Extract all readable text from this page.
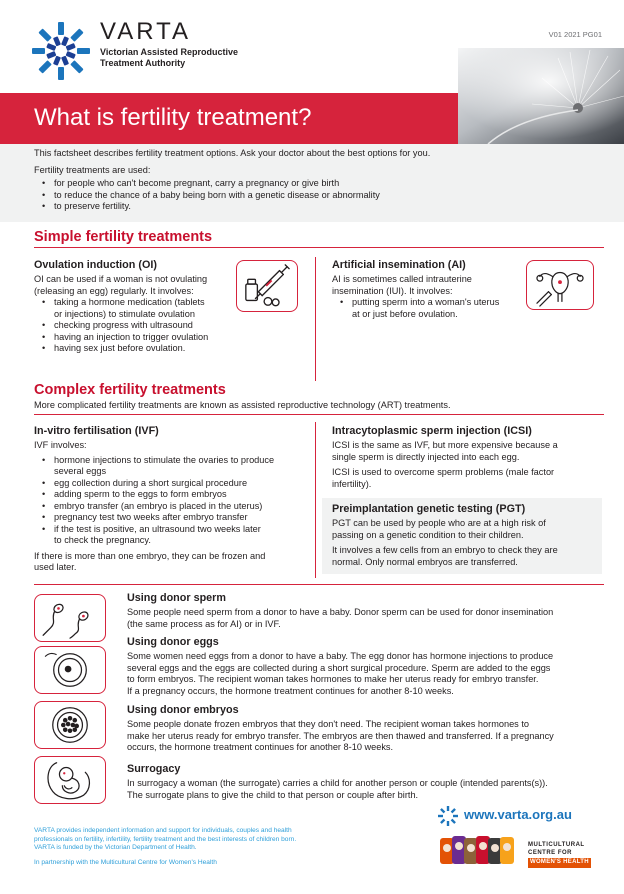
VARTA
Victorian Assisted Reproductive
Treatment Authority
V01 2021 PG01
What is fertility treatment?

This factsheet describes fertility treatment options. Ask your doctor about the best options for you.

Fertility treatments are used:

• for people who can't become pregnant, carry a pregnancy or give birth
• to reduce the chance of a baby being born with a genetic disease or abnormality
• to preserve fertility.
Simple fertility treatments
Ovulation induction (OI)
OI can be used if a woman is not ovulating
(releasing an egg) regularly. It involves:
• taking a hormone medication (tablets
or injections) to stimulate ovulation
• checking progress with ultrasound
• having an injection to trigger ovulation
• having sex just before ovulation.
Artificial insemination (AI)
AI is sometimes called intrauterine
insemination (IUI). It involves:
• putting sperm into a woman's uterus
at or just before ovulation.
Complex fertility treatments
More complicated fertility treatments are known as assisted reproductive technology (ART) treatments.
In-vitro fertilisation (IVF)
IVF involves:
• hormone injections to stimulate the ovaries to produce
several eggs
• egg collection during a short surgical procedure
• adding sperm to the eggs to form embryos
• embryo transfer (an embryo is placed in the uterus)
• pregnancy test two weeks after embryo transfer
• if the test is positive, an ultrasound two weeks later
to check the pregnancy.
If there is more than one embryo, they can be frozen and
used later.
Intracytoplasmic sperm injection (ICSI)
ICSI is the same as IVF, but more expensive because a
single sperm is directly injected into each egg.
ICSI is used to overcome sperm problems (male factor
infertility).
Preimplantation genetic testing (PGT)
PGT can be used by people who are at a high risk of
passing on a genetic condition to their children.
It involves a few cells from an embryo to check they are
normal. Only normal embryos are transferred.
Using donor sperm
Some people need sperm from a donor to have a baby. Donor sperm can be used for donor insemination
(the same process as for AI) or in IVF.
Using donor eggs
Some women need eggs from a donor to have a baby. The egg donor has hormone injections to produce
several eggs and the eggs are collected during a short surgical procedure. Sperm are added to the eggs
to form embryos. The recipient woman takes hormones to make her uterus ready for embryo transfer.
If a pregnancy occurs, the hormone treatment continues for another 8-10 weeks.
Using donor embryos
Some people donate frozen embryos that they don't need. The recipient woman takes hormones to
make her uterus ready for embryo transfer. The embryos are then thawed and transferred. If a pregnancy
occurs, the hormone treatment continues for another 8-10 weeks.
Surrogacy
In surrogacy a woman (the surrogate) carries a child for another person or couple (intended parents(s)).
The surrogate plans to give the child to that person or couple after birth.

VARTA provides independent information and support for individuals, couples and health
professionals on fertility, infertility, fertility treatment and the best interests of children born.
VARTA is funded by the Victorian Department of Health.

In partnership with the Multicultural Centre for Women's Health

www.varta.org.au
MULTICULTURAL
CENTRE FOR
WOMEN'S HEALTH
